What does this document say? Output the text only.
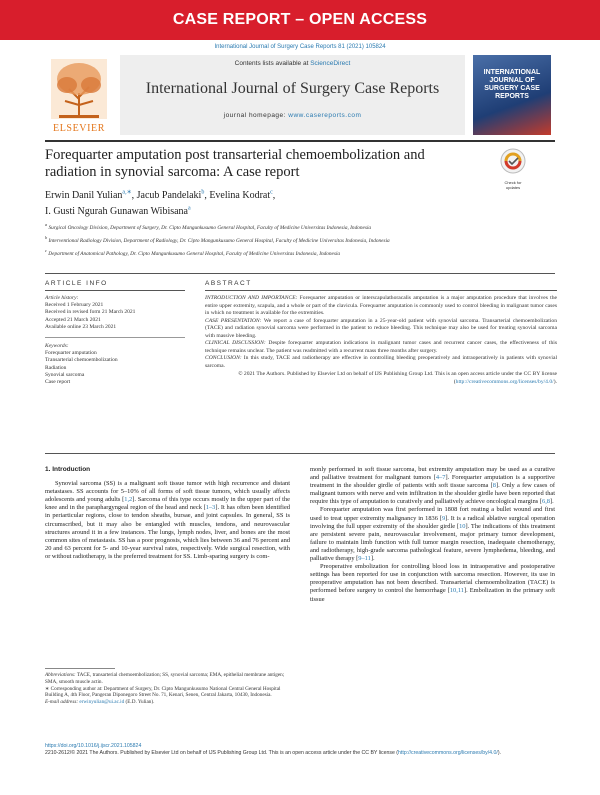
CASE REPORT – OPEN ACCESS
International Journal of Surgery Case Reports 81 (2021) 105824
ELSEVIER
Contents lists available at ScienceDirect
International Journal of Surgery Case Reports
journal homepage: www.casereports.com
INTERNATIONAL JOURNAL OF SURGERY CASE REPORTS
Forequarter amputation post transarterial chemoembolization and radiation in synovial sarcoma: A case report
Check for updates
Erwin Danil Yulian$^{a,∗}$, Jacub Pandelaki$^b$, Evelina Kodrat$^c$,
I. Gusti Ngurah Gunawan Wibisana$^a$
$^a$ Surgical Oncology Division, Department of Surgery, Dr. Cipto Mangunkusumo General Hospital, Faculty of Medicine Universitas Indonesia, Indonesia
$^b$ Interventional Radiology Division, Department of Radiology, Dr. Cipto Mangunkusumo General Hospital, Faculty of Medicine Universitas Indonesia, Indonesia
$^c$ Department of Anatomical Pathology, Dr. Cipto Mangunkusumo General Hospital, Faculty of Medicine Universitas Indonesia, Indonesia
ARTICLE INFO	ABSTRACT
Article history:
Received 1 February 2021
Received in revised form 21 March 2021
Accepted 21 March 2021
Available online 23 March 2021
Keywords:
Forequarter amputation
Transarterial chemoembolization
Radiation
Synovial sarcoma
Case report

INTRODUCTION AND IMPORTANCE: Forequarter amputation or interscapulathoracalis amputation is a major amputation procedure that involves the entire upper extremity, scapula, and a whole or part of the clavicula. Forequarter amputation is commonly used to control bleeding in malignant tumor cases in which no treatment is available for the extremities.

CASE PRESENTATION: We report a case of forequarter amputation in a 25-year-old patient with synovial sarcoma. Transarterial chemoembolization (TACE) and radiation synovial sarcoma were performed in the patient to reduce bleeding. This technique may also be used for treating synovial sarcoma with massive bleeding.

CLINICAL DISCUSSION: Despite forequarter amputation indications in malignant tumor cases and recurrent cancer cases, the effectiveness of this technique remains unclear. The patient was readmitted with a recurrent mass three months after surgery.

CONCLUSION: In this study, TACE and radiotherapy are effective in controlling bleeding preoperatively and intraoperatively in patients with synovial sarcoma.

© 2021 The Authors. Published by Elsevier Ltd on behalf of IJS Publishing Group Ltd. This is an open access article under the CC BY license (http://creativecommons.org/licenses/by/4.0/).

1. Introduction

Synovial sarcoma (SS) is a malignant soft tissue tumor with high recurrence and distant metastases. SS accounts for 5–10% of all forms of soft tissue tumors, which usually affects adolescents and young adults [1,2]. Sarcoma of this type occurs mostly in the upper part of the knee and in the paraphargyngeal region of the head and neck [1–3]. It has often been identified in periarticular regions, close to tendon sheaths, bursae, and joint capsules. In general, SS is circumscribed, but it may also be entangled with muscles, tendons, and neurovascular structures around it in a few instances. The lungs, lymph nodes, liver, and bones are the most common sites of metastasis. SS has a poor prognosis, which lies between 36 and 76 percent and 20 and 63 percent for 5- and 10-year survival rates, respectively. Wide surgical resection, with or without radiotherapy, is the preferred treatment for SS. Limb-sparing surgery is com-

monly performed in soft tissue sarcoma, but extremity amputation may be used as a curative and palliative treatment for malignant tumors [4–7]. Forequarter amputation is a supportive treatment in the shoulder girdle of patients with soft tissue sarcoma [8]. Only a few cases of malignant tumors with nerve and vein infiltration in the shoulder girdle have been reported that require this type of amputation to curatively and palliatively achieve oncological margins [6,8].

Forequarter amputation was first performed in 1808 fort reating a bullet wound and first used to treat upper extremity malignancy in 1836 [9]. It is a radical ablative surgical operation involving the full upper extremity of the shoulder girdle [10]. The indications of this treatment are persistent severe pain, neurovascular involvement, major primary tumor development, failure to maintain limb function with full tumor margin resection, inadequate chemotherapy, and radiotherapy, high-grade sarcoma pathological feature, severe lymphedema, bleeding, and palliative therapy [9–11].

Preoperative embolization for controlling blood loss in intraoperative and postoperative settings has been reported for use in conjunction with sarcoma resection. However, its use in preoperative amputation has not been described. Transarterial chemoembolization (TACE) is performed before surgery to control the hemorrhage [10,11]. Embolization in the primary soft tissue

Abbreviations: TACE, transarterial chemoembolization; SS, synovial sarcoma; EMA, epithelial membrane antigen; SMA, smooth muscle actin.
∗ Corresponding author at: Department of Surgery, Dr. Cipto Mangunkusumo National Central General Hospital Building A, 4th Floor, Pangeran Diponegoro Street No. 71, Kenari, Senen, Central Jakarta, 10430, Indonesia.
E-mail address: erwinyulian@ui.ac.id (E.D. Yulian).
https://doi.org/10.1016/j.ijscr.2021.105824
2210-2612/© 2021 The Authors. Published by Elsevier Ltd on behalf of IJS Publishing Group Ltd. This is an open access article under the CC BY license (http://creativecommons.org/licenses/by/4.0/).
